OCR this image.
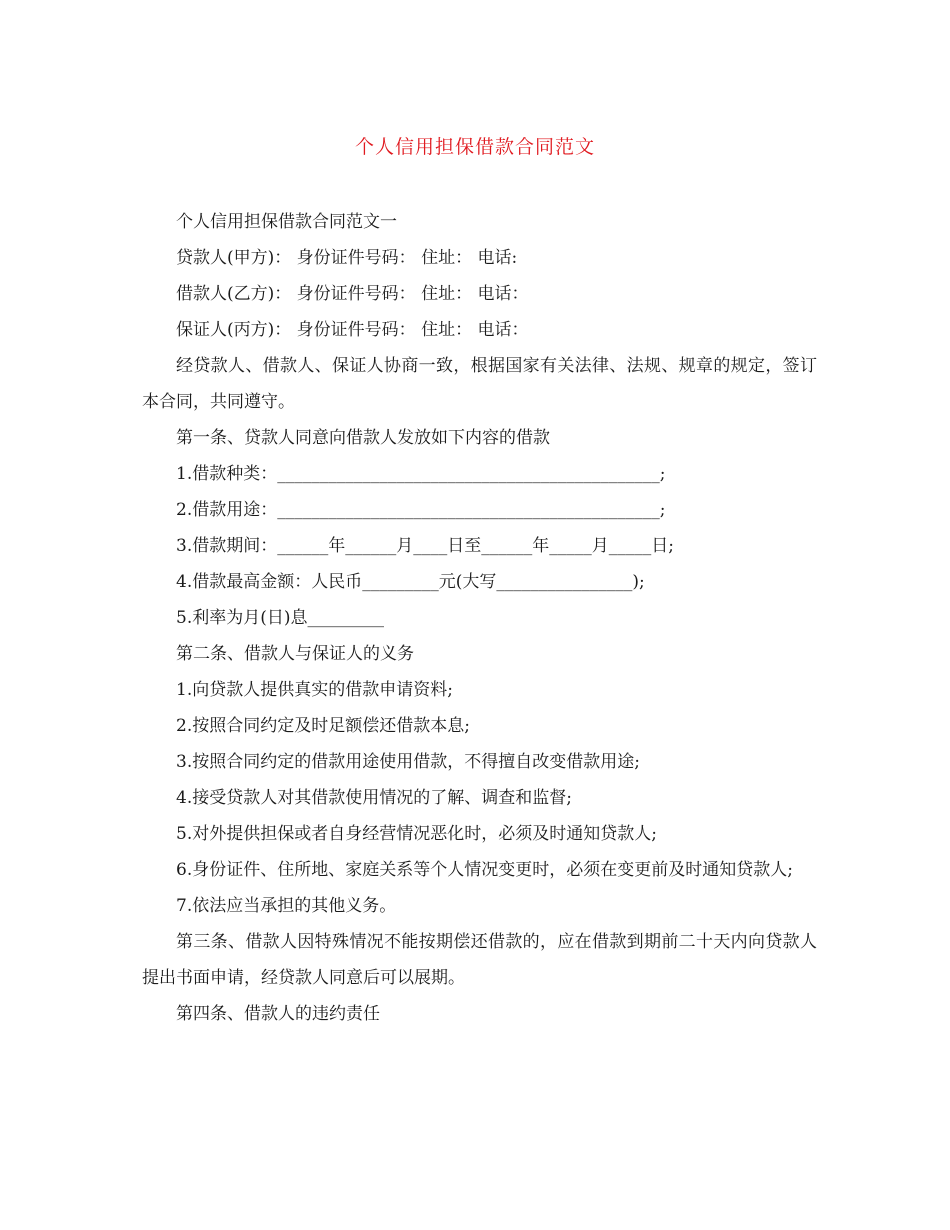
个人信用担保借款合同范文

个人信用担保借款合同范文一

贷款人(甲方)： 身份证件号码： 住址： 电话:

借款人(乙方)： 身份证件号码： 住址： 电话：

保证人(丙方)： 身份证件号码： 住址： 电话：

经贷款人、借款人、保证人协商一致，根据国家有关法律、法规、规章的规定，签订本合同，共同遵守。

第一条、贷款人同意向借款人发放如下内容的借款

1.借款种类：_____________________________________________;

2.借款用途：_____________________________________________;

3.借款期间：______年______月____日至______年_____月_____日;

4.借款最高金额：人民币_________元(大写________________);

5.利率为月(日)息_________

第二条、借款人与保证人的义务

1.向贷款人提供真实的借款申请资料;

2.按照合同约定及时足额偿还借款本息;

3.按照合同约定的借款用途使用借款，不得擅自改变借款用途;

4.接受贷款人对其借款使用情况的了解、调查和监督;

5.对外提供担保或者自身经营情况恶化时，必须及时通知贷款人;

6.身份证件、住所地、家庭关系等个人情况变更时，必须在变更前及时通知贷款人;

7.依法应当承担的其他义务。

第三条、借款人因特殊情况不能按期偿还借款的，应在借款到期前二十天内向贷款人提出书面申请，经贷款人同意后可以展期。

第四条、借款人的违约责任
